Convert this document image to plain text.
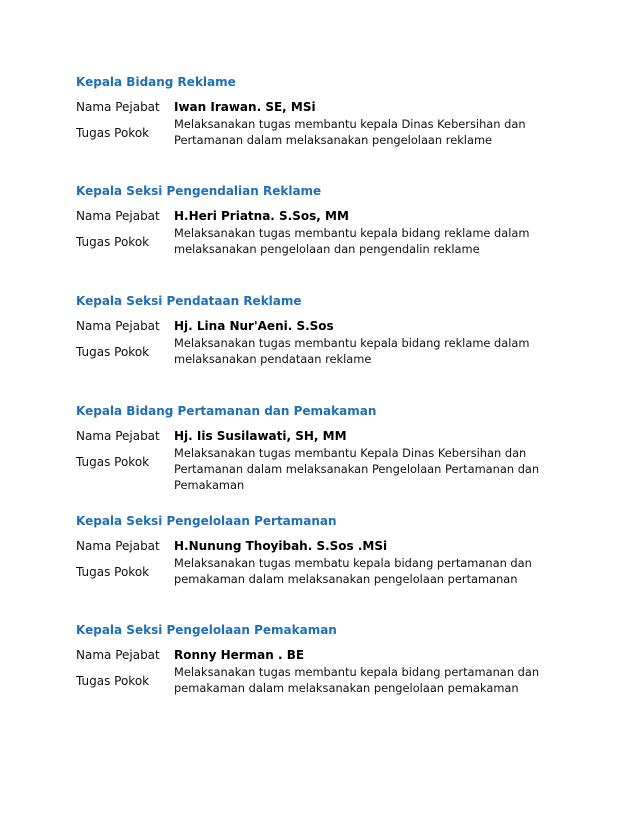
Kepala Bidang Reklame

Nama Pejabat Iwan Irawan. SE, MSi
Tugas Pokok
Melaksanakan tugas membantu kepala Dinas Kebersihan dan Pertamanan dalam melaksanakan pengelolaan reklame

Kepala Seksi Pengendalian Reklame

Nama Pejabat H.Heri Priatna. S.Sos, MM
Tugas Pokok
Melaksanakan tugas membantu kepala bidang reklame dalam melaksanakan pengelolaan dan pengendalin reklame

Kepala Seksi Pendataan Reklame

Nama Pejabat Hj. Lina Nur'Aeni. S.Sos
Tugas Pokok
Melaksanakan tugas membantu kepala bidang reklame dalam melaksanakan pendataan reklame

Kepala Bidang Pertamanan dan Pemakaman

Nama Pejabat Hj. Iis Susilawati, SH, MM
Tugas Pokok
Melaksanakan tugas membantu Kepala Dinas Kebersihan dan Pertamanan dalam melaksanakan Pengelolaan Pertamanan dan Pemakaman

Kepala Seksi Pengelolaan Pertamanan

Nama Pejabat H.Nunung Thoyibah. S.Sos .MSi
Tugas Pokok
Melaksanakan tugas membatu kepala bidang pertamanan dan pemakaman dalam melaksanakan pengelolaan pertamanan

Kepala Seksi Pengelolaan Pemakaman

Nama Pejabat Ronny Herman . BE
Tugas Pokok
Melaksanakan tugas membantu kepala bidang pertamanan dan pemakaman dalam melaksanakan pengelolaan pemakaman
